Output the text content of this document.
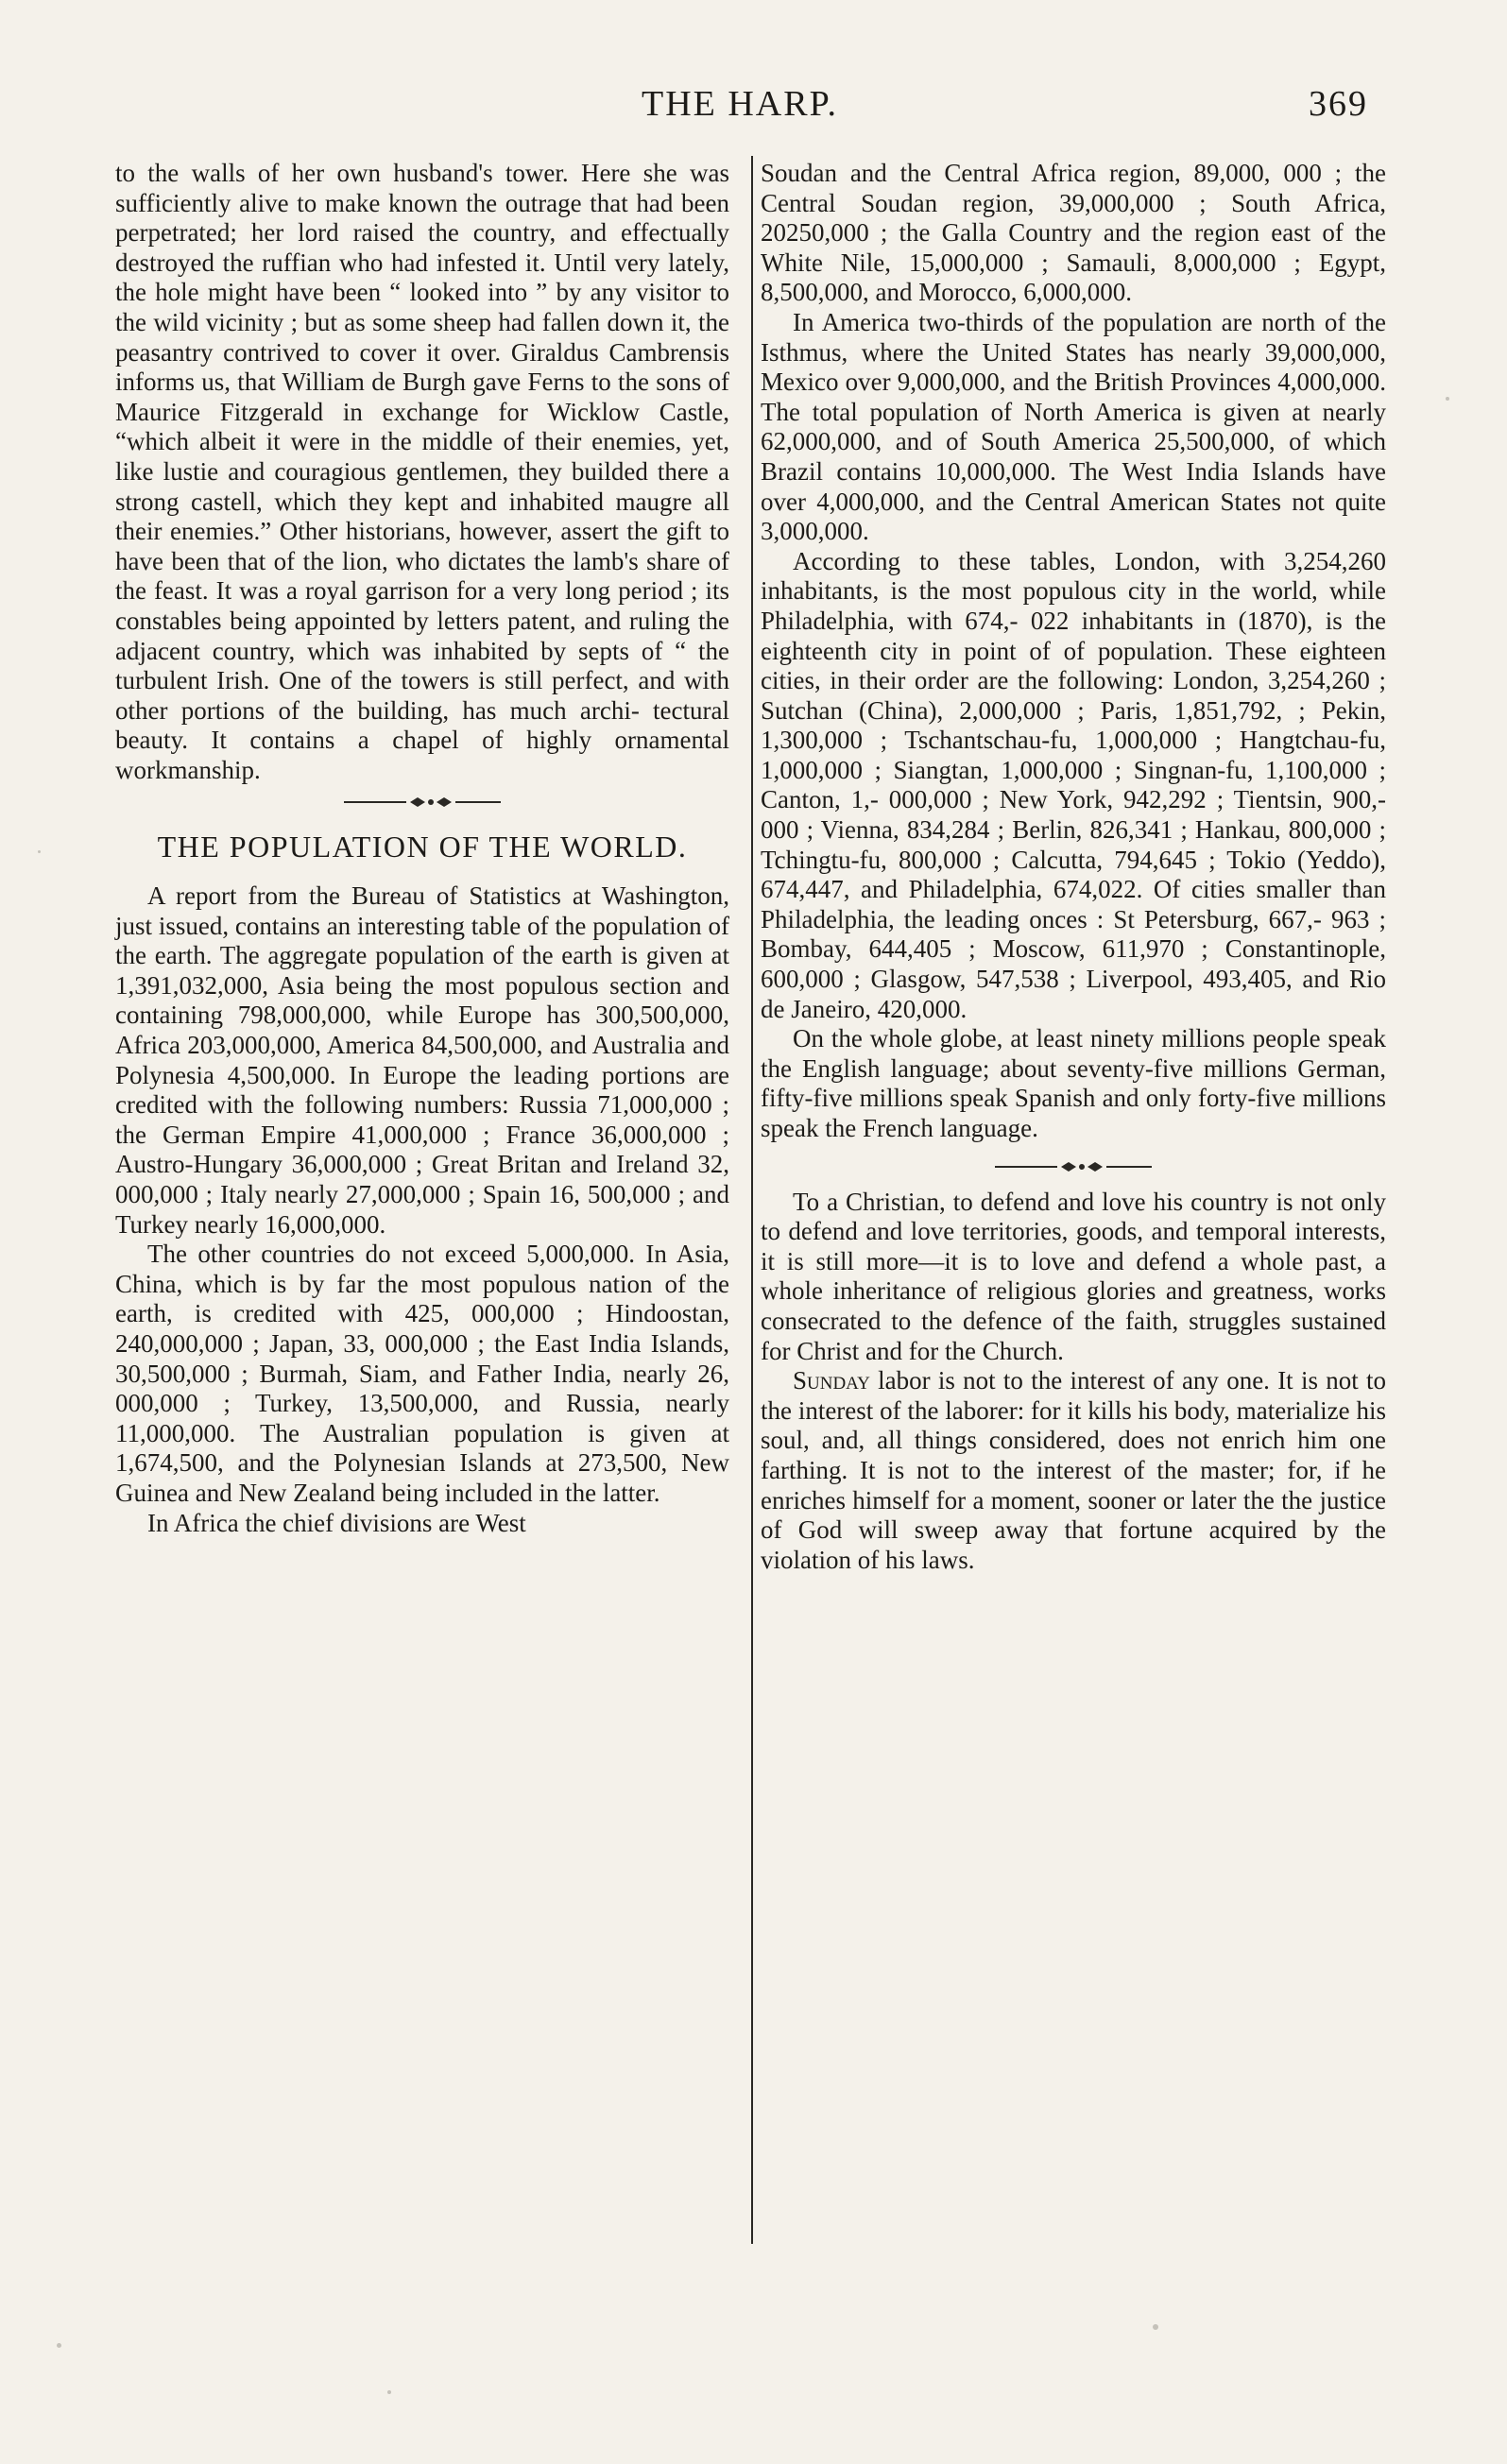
THE HARP.	369

to the walls of her own husband's tower. Here she was sufficiently alive to make known the outrage that had been perpetrated; her lord raised the country, and effectually destroyed the ruffian who had infested it. Until very lately, the hole might have been “ looked into ” by any visitor to the wild vicinity ; but as some sheep had fallen down it, the peasantry contrived to cover it over. Giraldus Cambrensis informs us, that William de Burgh gave Ferns to the sons of Maurice Fitzgerald in exchange for Wicklow Castle, “which albeit it were in the middle of their enemies, yet, like lustie and couragious gentlemen, they builded there a strong castell, which they kept and inhabited maugre all their enemies.” Other historians, however, assert the gift to have been that of the lion, who dictates the lamb's share of the feast. It was a royal garrison for a very long period ; its constables being appointed by letters patent, and ruling the adjacent country, which was inhabited by septs of “ the turbulent Irish. One of the towers is still perfect, and with other portions of the building, has much archi- tectural beauty. It contains a chapel of highly ornamental workmanship.

THE POPULATION OF THE WORLD.

A report from the Bureau of Statistics at Washington, just issued, contains an interesting table of the population of the earth. The aggregate population of the earth is given at 1,391,032,000, Asia being the most populous section and containing 798,000,000, while Europe has 300,500,000, Africa 203,000,000, America 84,500,000, and Australia and Polynesia 4,500,000. In Europe the leading portions are credited with the following numbers: Russia 71,000,000 ; the German Empire 41,000,000 ; France 36,000,000 ; Austro-Hungary 36,000,000 ; Great Britan and Ireland 32, 000,000 ; Italy nearly 27,000,000 ; Spain 16, 500,000 ; and Turkey nearly 16,000,000.

The other countries do not exceed 5,000,000. In Asia, China, which is by far the most populous nation of the earth, is credited with 425, 000,000 ; Hindoostan, 240,000,000 ; Japan, 33, 000,000 ; the East India Islands, 30,500,000 ; Burmah, Siam, and Father India, nearly 26, 000,000 ; Turkey, 13,500,000, and Russia, nearly 11,000,000. The Australian population is given at 1,674,500, and the Polynesian Islands at 273,500, New Guinea and New Zealand being included in the latter.

In Africa the chief divisions are West

Soudan and the Central Africa region, 89,000, 000 ; the Central Soudan region, 39,000,000 ; South Africa, 20250,000 ; the Galla Country and the region east of the White Nile, 15,000,000 ; Samauli, 8,000,000 ; Egypt, 8,500,000, and Morocco, 6,000,000.

In America two-thirds of the population are north of the Isthmus, where the United States has nearly 39,000,000, Mexico over 9,000,000, and the British Provinces 4,000,000. The total population of North America is given at nearly 62,000,000, and of South America 25,500,000, of which Brazil contains 10,000,000. The West India Islands have over 4,000,000, and the Central American States not quite 3,000,000.

According to these tables, London, with 3,254,260 inhabitants, is the most populous city in the world, while Philadelphia, with 674,- 022 inhabitants in (1870), is the eighteenth city in point of of population. These eighteen cities, in their order are the following: London, 3,254,260 ; Sutchan (China), 2,000,000 ; Paris, 1,851,792, ; Pekin, 1,300,000 ; Tschantschau-fu, 1,000,000 ; Hangtchau-fu, 1,000,000 ; Siangtan, 1,000,000 ; Singnan-fu, 1,100,000 ; Canton, 1,- 000,000 ; New York, 942,292 ; Tientsin, 900,- 000 ; Vienna, 834,284 ; Berlin, 826,341 ; Hankau, 800,000 ; Tchingtu-fu, 800,000 ; Calcutta, 794,645 ; Tokio (Yeddo), 674,447, and Philadelphia, 674,022. Of cities smaller than Philadelphia, the leading onces : St Petersburg, 667,- 963 ; Bombay, 644,405 ; Moscow, 611,970 ; Constantinople, 600,000 ; Glasgow, 547,538 ; Liverpool, 493,405, and Rio de Janeiro, 420,000.

On the whole globe, at least ninety millions people speak the English language; about seventy-five millions German, fifty-five millions speak Spanish and only forty-five millions speak the French language.

To a Christian, to defend and love his country is not only to defend and love territories, goods, and temporal interests, it is still more—it is to love and defend a whole past, a whole inheritance of religious glories and greatness, works consecrated to the defence of the faith, struggles sustained for Christ and for the Church.

Sunday labor is not to the interest of any one. It is not to the interest of the laborer: for it kills his body, materialize his soul, and, all things considered, does not enrich him one farthing. It is not to the interest of the master; for, if he enriches himself for a moment, sooner or later the the justice of God will sweep away that fortune acquired by the violation of his laws.
